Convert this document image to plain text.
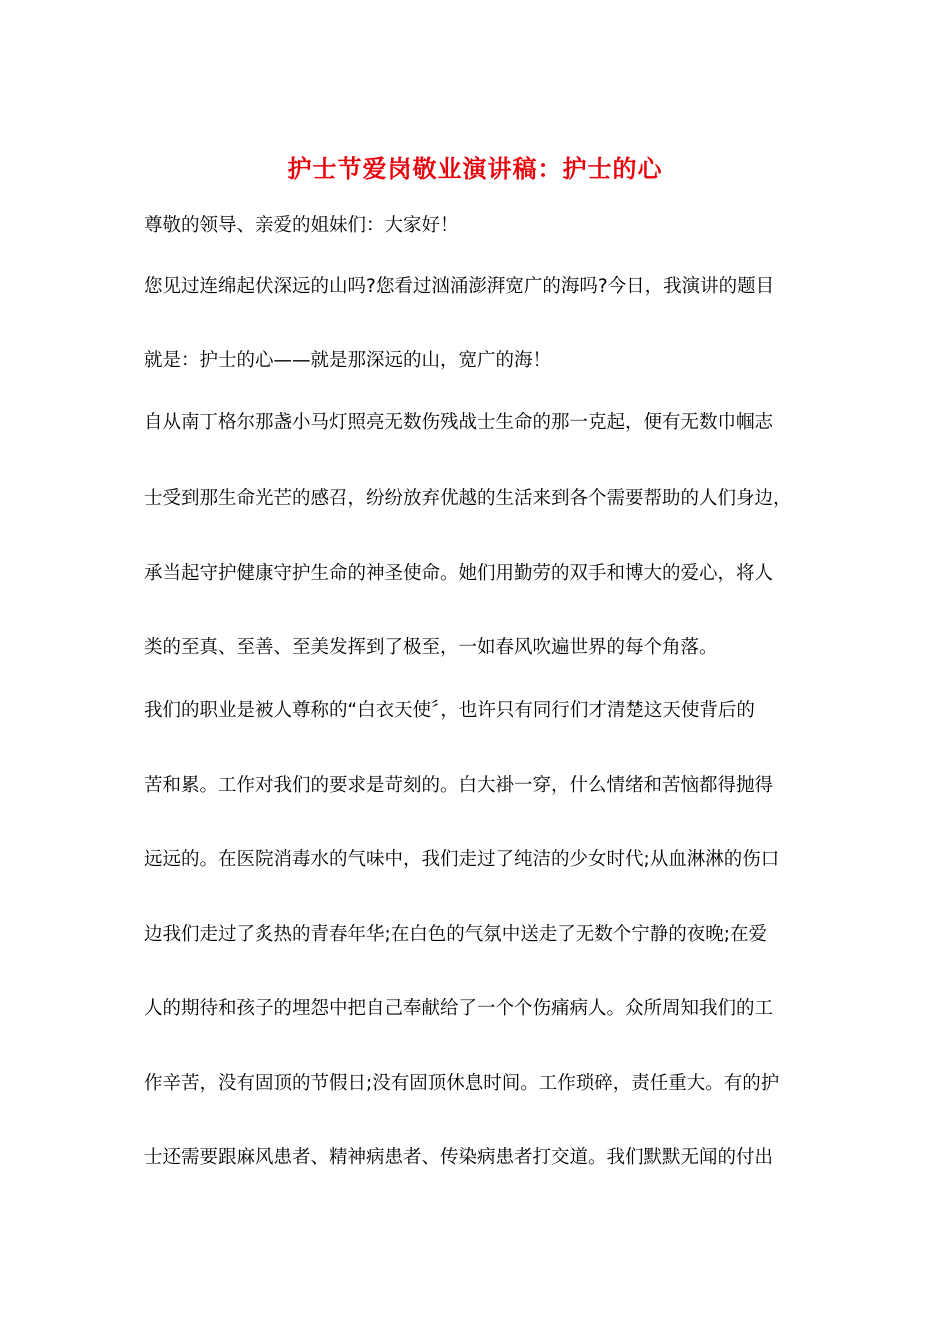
护士节爱岗敬业演讲稿：护士的心
尊敬的领导、亲爱的姐妹们：大家好！
您见过连绵起伏深远的山吗?您看过汹涌澎湃宽广的海吗?今日，我演讲的题目
就是：护士的心——就是那深远的山，宽广的海！
自从南丁格尔那盏小马灯照亮无数伤残战士生命的那一克起，便有无数巾帼志
士受到那生命光芒的感召，纷纷放弃优越的生活来到各个需要帮助的人们身边，
承当起守护健康守护生命的神圣使命。她们用勤劳的双手和博大的爱心，将人
类的至真、至善、至美发挥到了极至，一如春风吹遍世界的每个角落。
我们的职业是被人尊称的“白衣天使〞，也许只有同行们才清楚这天使背后的
苦和累。工作对我们的要求是苛刻的。白大褂一穿，什么情绪和苦恼都得抛得
远远的。在医院消毒水的气味中，我们走过了纯洁的少女时代;从血淋淋的伤口
边我们走过了炙热的青春年华;在白色的气氛中送走了无数个宁静的夜晚;在爱
人的期待和孩子的埋怨中把自己奉献给了一个个伤痛病人。众所周知我们的工
作辛苦，没有固顶的节假日;没有固顶休息时间。工作琐碎，责任重大。有的护
士还需要跟麻风患者、精神病患者、传染病患者打交道。我们默默无闻的付出
